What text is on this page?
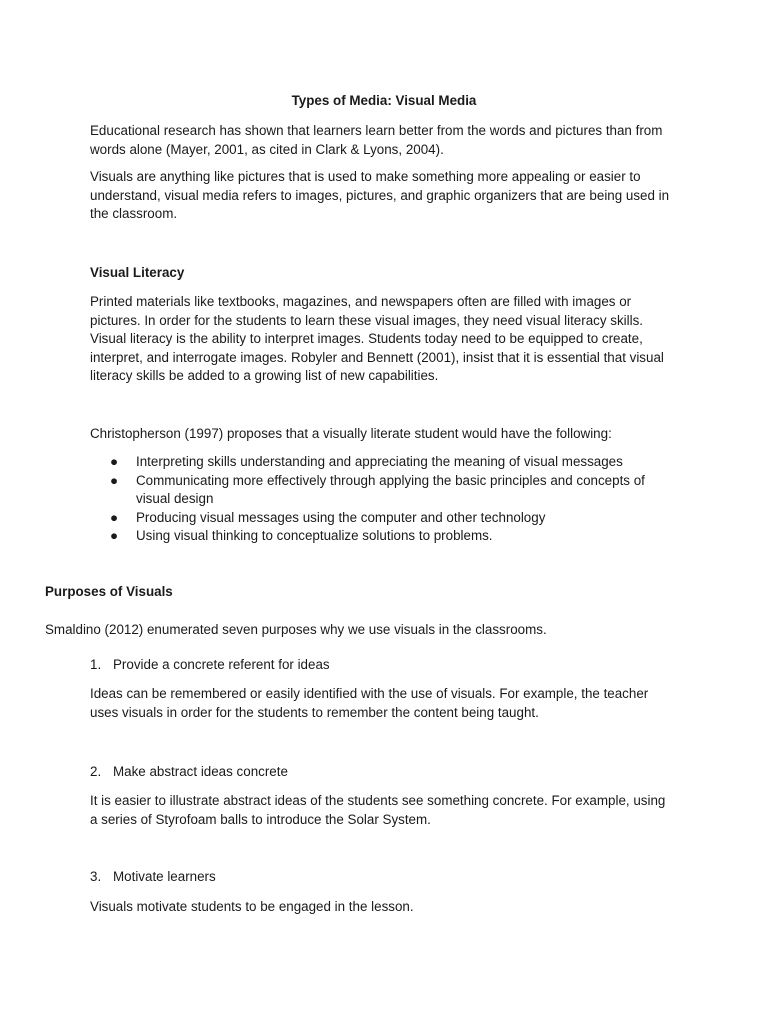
Types of Media: Visual Media

Educational research has shown that learners learn better from the words and pictures than from words alone (Mayer, 2001, as cited in Clark & Lyons, 2004).

Visuals are anything like pictures that is used to make something more appealing or easier to understand, visual media refers to images, pictures, and graphic organizers that are being used in the classroom.

Visual Literacy

Printed materials like textbooks, magazines, and newspapers often are filled with images or pictures. In order for the students to learn these visual images, they need visual literacy skills. Visual literacy is the ability to interpret images. Students today need to be equipped to create, interpret, and interrogate images. Robyler and Bennett (2001), insist that it is essential that visual literacy skills be added to a growing list of new capabilities.

Christopherson (1997) proposes that a visually literate student would have the following:
● Interpreting skills understanding and appreciating the meaning of visual messages
● Communicating more effectively through applying the basic principles and concepts of visual design
● Producing visual messages using the computer and other technology
● Using visual thinking to conceptualize solutions to problems.
Purposes of Visuals
Smaldino (2012) enumerated seven purposes why we use visuals in the classrooms.
1. Provide a concrete referent for ideas
Ideas can be remembered or easily identified with the use of visuals. For example, the teacher uses visuals in order for the students to remember the content being taught.
2. Make abstract ideas concrete
It is easier to illustrate abstract ideas of the students see something concrete. For example, using a series of Styrofoam balls to introduce the Solar System.
3. Motivate learners
Visuals motivate students to be engaged in the lesson.
